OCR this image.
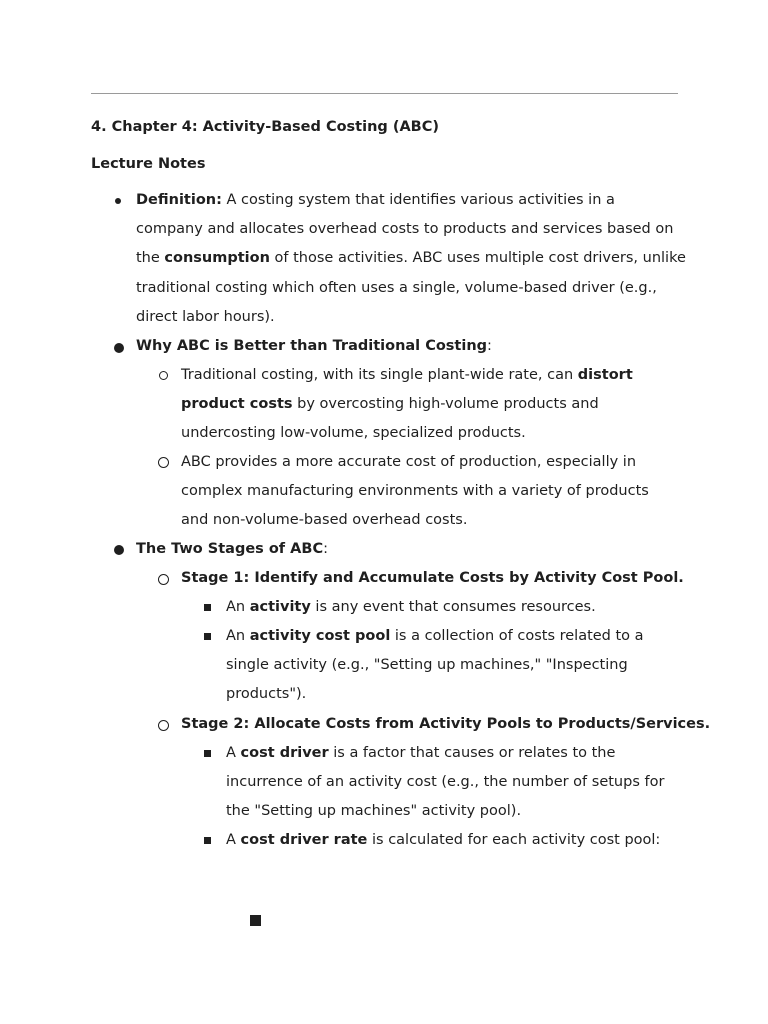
4. Chapter 4: Activity-Based Costing (ABC)
Lecture Notes
Definition: A costing system that identifies various activities in a
company and allocates overhead costs to products and services based on
the consumption of those activities. ABC uses multiple cost drivers, unlike
traditional costing which often uses a single, volume-based driver (e.g.,
direct labor hours).
Why ABC is Better than Traditional Costing:
Traditional costing, with its single plant-wide rate, can distort
product costs by overcosting high-volume products and
undercosting low-volume, specialized products.
ABC provides a more accurate cost of production, especially in
complex manufacturing environments with a variety of products
and non-volume-based overhead costs.
The Two Stages of ABC:
Stage 1: Identify and Accumulate Costs by Activity Cost Pool.
An activity is any event that consumes resources.
An activity cost pool is a collection of costs related to a
single activity (e.g., "Setting up machines," "Inspecting
products").
Stage 2: Allocate Costs from Activity Pools to Products/Services.
A cost driver is a factor that causes or relates to the
incurrence of an activity cost (e.g., the number of setups for
the "Setting up machines" activity pool).
A cost driver rate is calculated for each activity cost pool:
